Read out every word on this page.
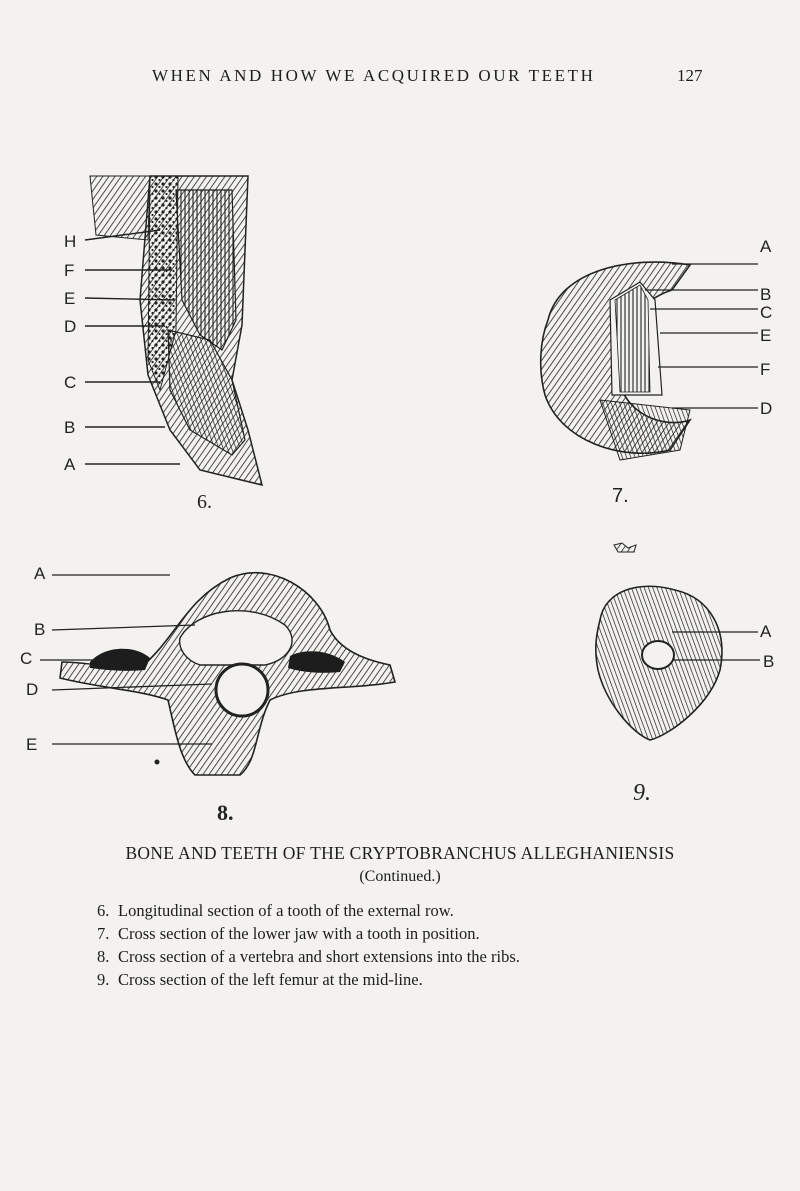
WHEN AND HOW WE ACQUIRED OUR TEETH	127
H
F
E
D
C
B
A
6.
A
B
C
E
F
D
7.
A
B
C
D
E
8.
A
B
9.
BONE AND TEETH OF THE CRYPTOBRANCHUS ALLEGHANIENSIS
(Continued.)
6. Longitudinal section of a tooth of the external row.
7. Cross section of the lower jaw with a tooth in position.
8. Cross section of a vertebra and short extensions into the ribs.
9. Cross section of the left femur at the mid-line.
